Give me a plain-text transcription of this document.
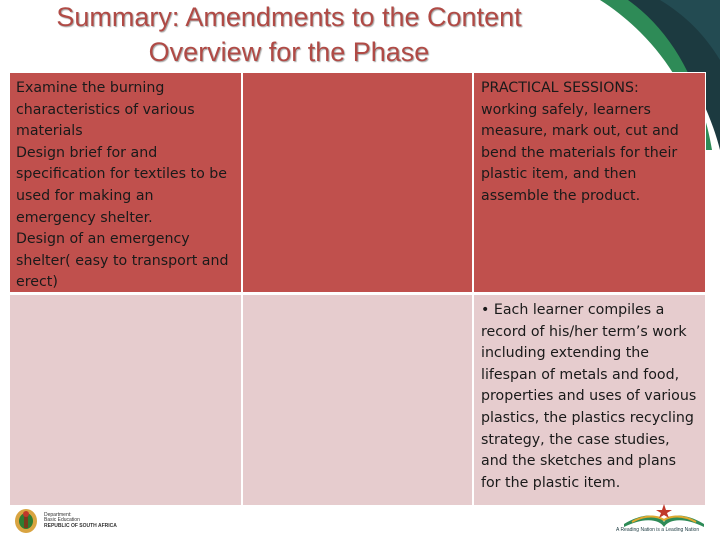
Summary: Amendments to the Content
Overview for the Phase
Examine the burning characteristics of various materials
Design brief for and specification for textiles to be used for making an emergency shelter.
Design of an emergency shelter( easy to transport and erect)
PRACTICAL SESSIONS: working safely, learners measure, mark out, cut and bend the materials for their plastic item, and then assemble the product.
• Each learner compiles a record of his/her term’s work including extending the lifespan of metals and food, properties and uses of various plastics, the plastics recycling strategy, the case studies, and the sketches and plans for the plastic item.
Department:
Basic Education
REPUBLIC OF SOUTH AFRICA
A Reading Nation is a Leading Nation
